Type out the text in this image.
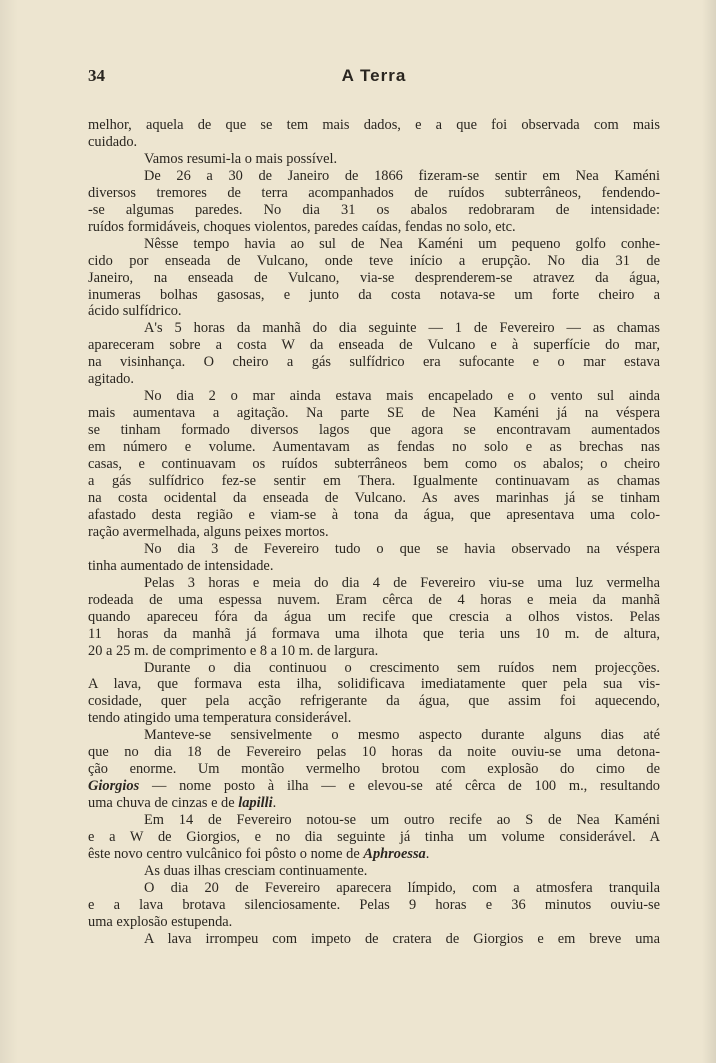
34	A Terra

melhor, aquela de que se tem mais dados, e a que foi observada com mais

cuidado.

Vamos resumi-la o mais possível.

De 26 a 30 de Janeiro de 1866 fizeram-se sentir em Nea Kaméni

diversos tremores de terra acompanhados de ruídos subterrâneos, fendendo-

-se algumas paredes. No dia 31 os abalos redobraram de intensidade:

ruídos formidáveis, choques violentos, paredes caídas, fendas no solo, etc.

Nêsse tempo havia ao sul de Nea Kaméni um pequeno golfo conhe-

cido por enseada de Vulcano, onde teve início a erupção. No dia 31 de

Janeiro, na enseada de Vulcano, via-se desprenderem-se atravez da água,

inumeras bolhas gasosas, e junto da costa notava-se um forte cheiro a

ácido sulfídrico.

A's 5 horas da manhã do dia seguinte — 1 de Fevereiro — as chamas

apareceram sobre a costa W da enseada de Vulcano e à superfície do mar,

na visinhança. O cheiro a gás sulfídrico era sufocante e o mar estava

agitado.

No dia 2 o mar ainda estava mais encapelado e o vento sul ainda

mais aumentava a agitação. Na parte SE de Nea Kaméni já na véspera

se tinham formado diversos lagos que agora se encontravam aumentados

em número e volume. Aumentavam as fendas no solo e as brechas nas

casas, e continuavam os ruídos subterrâneos bem como os abalos; o cheiro

a gás sulfídrico fez-se sentir em Thera. Igualmente continuavam as chamas

na costa ocidental da enseada de Vulcano. As aves marinhas já se tinham

afastado desta região e viam-se à tona da água, que apresentava uma colo-

ração avermelhada, alguns peixes mortos.

No dia 3 de Fevereiro tudo o que se havia observado na véspera

tinha aumentado de intensidade.

Pelas 3 horas e meia do dia 4 de Fevereiro viu-se uma luz vermelha

rodeada de uma espessa nuvem. Eram cêrca de 4 horas e meia da manhã

quando apareceu fóra da água um recife que crescia a olhos vistos. Pelas

11 horas da manhã já formava uma ilhota que teria uns 10 m. de altura,

20 a 25 m. de comprimento e 8 a 10 m. de largura.

Durante o dia continuou o crescimento sem ruídos nem projecções.

A lava, que formava esta ilha, solidificava imediatamente quer pela sua vis-

cosidade, quer pela acção refrigerante da água, que assim foi aquecendo,

tendo atingido uma temperatura considerável.

Manteve-se sensivelmente o mesmo aspecto durante alguns dias até

que no dia 18 de Fevereiro pelas 10 horas da noite ouviu-se uma detona-

ção enorme. Um montão vermelho brotou com explosão do cimo de

Giorgios — nome posto à ilha — e elevou-se até cêrca de 100 m., resultando

uma chuva de cinzas e de lapilli.

Em 14 de Fevereiro notou-se um outro recife ao S de Nea Kaméni

e a W de Giorgios, e no dia seguinte já tinha um volume considerável. A

êste novo centro vulcânico foi pôsto o nome de Aphroessa.

As duas ilhas cresciam continuamente.

O dia 20 de Fevereiro aparecera límpido, com a atmosfera tranquila

e a lava brotava silenciosamente. Pelas 9 horas e 36 minutos ouviu-se

uma explosão estupenda.

A lava irrompeu com impeto de cratera de Giorgios e em breve uma
